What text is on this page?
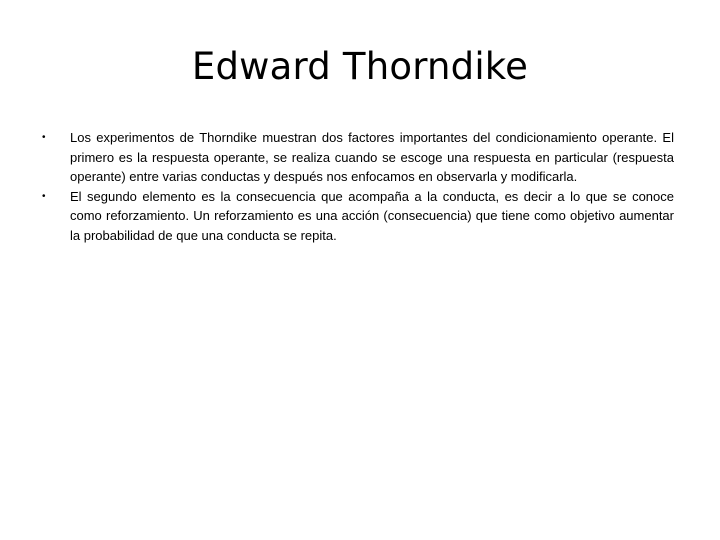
Edward Thorndike
•	Los experimentos de Thorndike muestran dos factores importantes del condicionamiento operante. El primero es la respuesta operante, se realiza cuando se escoge una respuesta en particular (respuesta operante) entre varias conductas y después nos enfocamos en observarla y modificarla.
•	El segundo elemento es la consecuencia que acompaña a la conducta, es decir a lo que se conoce como reforzamiento. Un reforzamiento es una acción (consecuencia) que tiene como objetivo aumentar la probabilidad de que una conducta se repita.
